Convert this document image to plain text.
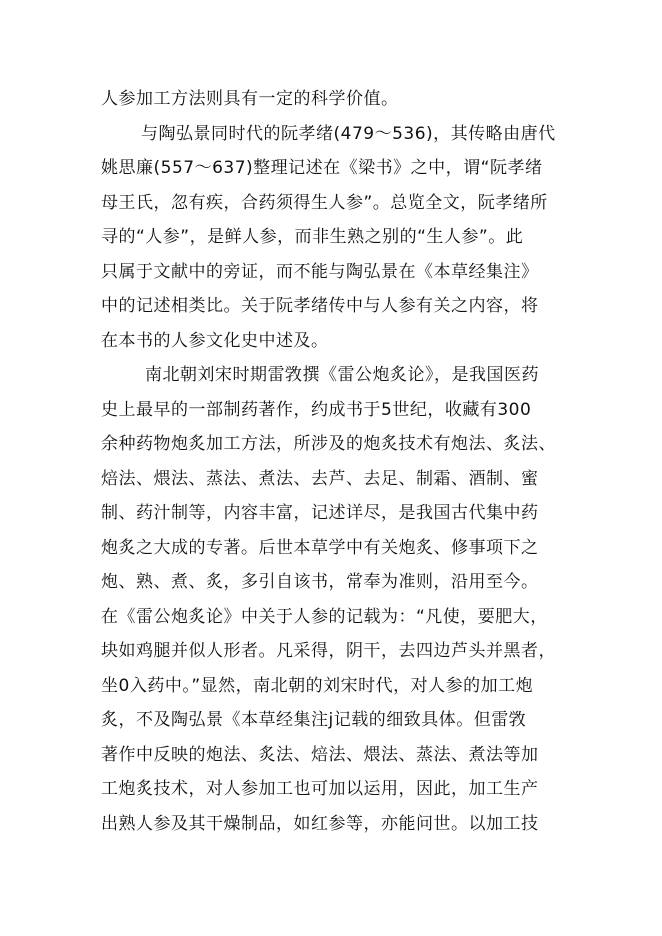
人参加工方法则具有一定的科学价值。
与陶弘景同时代的阮孝绪(479～536)，其传略由唐代
姚思廉(557～637)整理记述在《梁书》之中，谓“阮孝绪
母王氏，忽有疾，合药须得生人参”。总览全文，阮孝绪所
寻的“人参”，是鲜人参，而非生熟之别的“生人参”。此
只属于文献中的旁证，而不能与陶弘景在《本草经集注》
中的记述相类比。关于阮孝绪传中与人参有关之内容，将
在本书的人参文化史中述及。
南北朝刘宋时期雷敩撰《雷公炮炙论》，是我国医药
史上最早的一部制药著作，约成书于5世纪，收藏有300
余种药物炮炙加工方法，所涉及的炮炙技术有炮法、炙法、
焙法、煨法、蒸法、煮法、去芦、去足、制霜、酒制、蜜
制、药汁制等，内容丰富，记述详尽，是我国古代集中药
炮炙之大成的专著。后世本草学中有关炮炙、修事项下之
炮、熟、煮、炙，多引自该书，常奉为准则，沿用至今。
在《雷公炮炙论》中关于人参的记载为：“凡使，要肥大，
块如鸡腿并似人形者。凡采得，阴干，去四边芦头并黑者，
坐0入药中。”显然，南北朝的刘宋时代，对人参的加工炮
炙，不及陶弘景《本草经集注j记载的细致具体。但雷敩
著作中反映的炮法、炙法、焙法、煨法、蒸法、煮法等加
工炮炙技术，对人参加工也可加以运用，因此，加工生产
出熟人参及其干燥制品，如红参等，亦能问世。以加工技
